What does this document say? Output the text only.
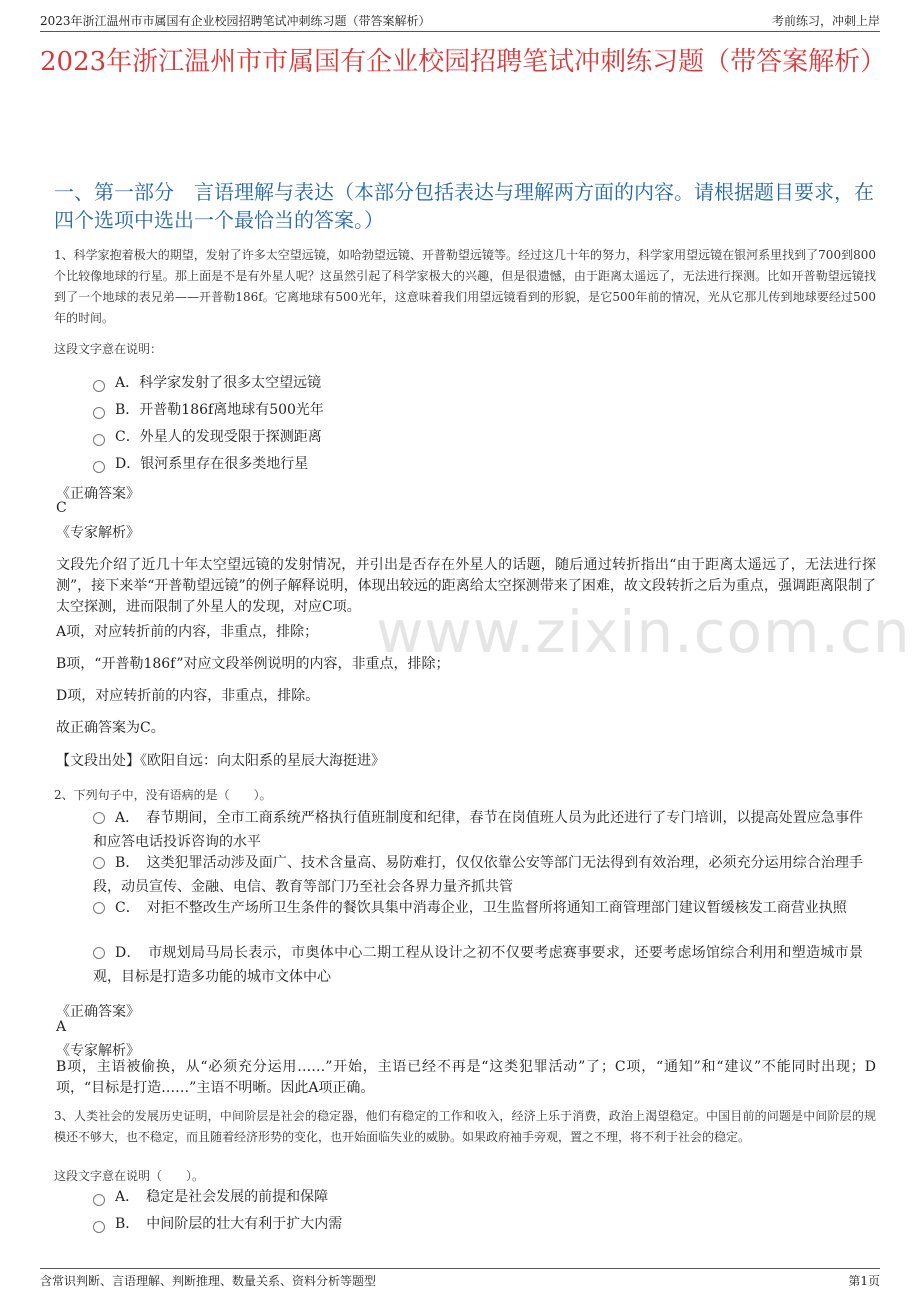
2023年浙江温州市市属国有企业校园招聘笔试冲刺练习题（带答案解析）	考前练习，冲刺上岸
www.zixin.com.cn
2023年浙江温州市市属国有企业校园招聘笔试冲刺练习题（带答案解析）
一、第一部分　言语理解与表达（本部分包括表达与理解两方面的内容。请根据题目要求，在四个选项中选出一个最恰当的答案。）
1、科学家抱着极大的期望，发射了许多太空望远镜，如哈勃望远镜、开普勒望远镜等。经过这几十年的努力，科学家用望远镜在银河系里找到了700到800个比较像地球的行星。那上面是不是有外星人呢？这虽然引起了科学家极大的兴趣，但是很遗憾，由于距离太遥远了，无法进行探测。比如开普勒望远镜找到了一个地球的表兄弟——开普勒186f。它离地球有500光年，这意味着我们用望远镜看到的形貌，是它500年前的情况，光从它那儿传到地球要经过500年的时间。
这段文字意在说明：
A．科学家发射了很多太空望远镜
B．开普勒186f离地球有500光年
C．外星人的发现受限于探测距离
D．银河系里存在很多类地行星
《正确答案》
C
《专家解析》
文段先介绍了近几十年太空望远镜的发射情况，并引出是否存在外星人的话题，随后通过转折指出“由于距离太遥远了，无法进行探测”，接下来举“开普勒望远镜”的例子解释说明，体现出较远的距离给太空探测带来了困难，故文段转折之后为重点，强调距离限制了太空探测，进而限制了外星人的发现，对应C项。
A项，对应转折前的内容，非重点，排除；
B项，“开普勒186f”对应文段举例说明的内容，非重点，排除；
D项，对应转折前的内容，非重点，排除。
故正确答案为C。
【文段出处】《欧阳自远：向太阳系的星辰大海挺进》
2、下列句子中，没有语病的是（　　）。
A．　春节期间，全市工商系统严格执行值班制度和纪律，春节在岗值班人员为此还进行了专门培训，以提高处置应急事件和应答电话投诉咨询的水平
B．　这类犯罪活动涉及面广、技术含量高、易防难打，仅仅依靠公安等部门无法得到有效治理，必须充分运用综合治理手段，动员宣传、金融、电信、教育等部门乃至社会各界力量齐抓共管
C．　对拒不整改生产场所卫生条件的餐饮具集中消毒企业，卫生监督所将通知工商管理部门建议暂缓核发工商营业执照
D．　市规划局马局长表示，市奥体中心二期工程从设计之初不仅要考虑赛事要求，还要考虑场馆综合利用和塑造城市景观，目标是打造多功能的城市文体中心
《正确答案》
A
《专家解析》
B项，主语被偷换，从“必须充分运用……”开始，主语已经不再是“这类犯罪活动”了；C项，“通知”和“建议”不能同时出现；D项，“目标是打造……”主语不明晰。因此A项正确。
3、人类社会的发展历史证明，中间阶层是社会的稳定器，他们有稳定的工作和收入，经济上乐于消费，政治上渴望稳定。中国目前的问题是中间阶层的规模还不够大，也不稳定，而且随着经济形势的变化，也开始面临失业的威胁。如果政府袖手旁观，置之不理，将不利于社会的稳定。
这段文字意在说明（　　）。
A．　稳定是社会发展的前提和保障
B．　中间阶层的壮大有利于扩大内需
含常识判断、言语理解、判断推理、数量关系、资料分析等题型	第1页
